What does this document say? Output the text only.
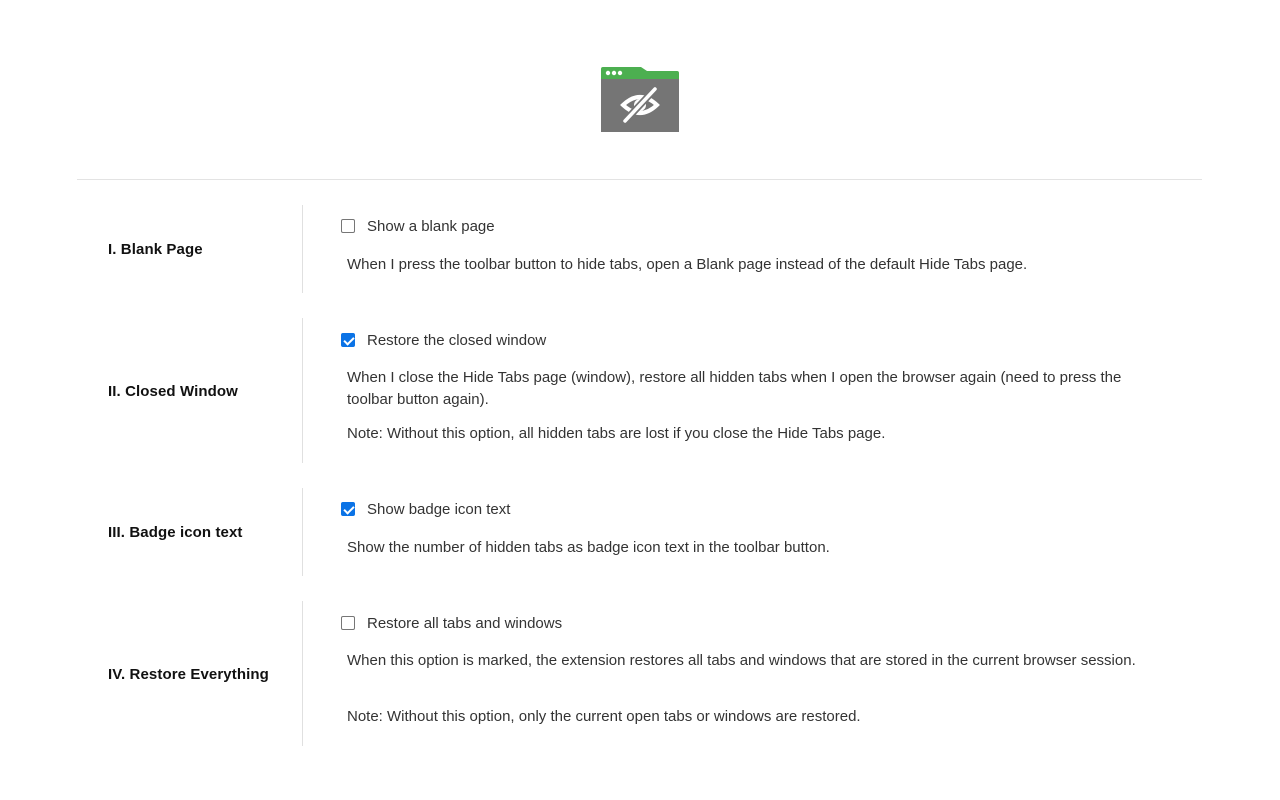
I. Blank Page
Show a blank page
When I press the toolbar button to hide tabs, open a Blank page instead of the default Hide Tabs page.
II. Closed Window
Restore the closed window
When I close the Hide Tabs page (window), restore all hidden tabs when I open the browser again (need to press the toolbar button again).
Note: Without this option, all hidden tabs are lost if you close the Hide Tabs page.
III. Badge icon text
Show badge icon text
Show the number of hidden tabs as badge icon text in the toolbar button.
IV. Restore Everything
Restore all tabs and windows
When this option is marked, the extension restores all tabs and windows that are stored in the current browser session.
Note: Without this option, only the current open tabs or windows are restored.
